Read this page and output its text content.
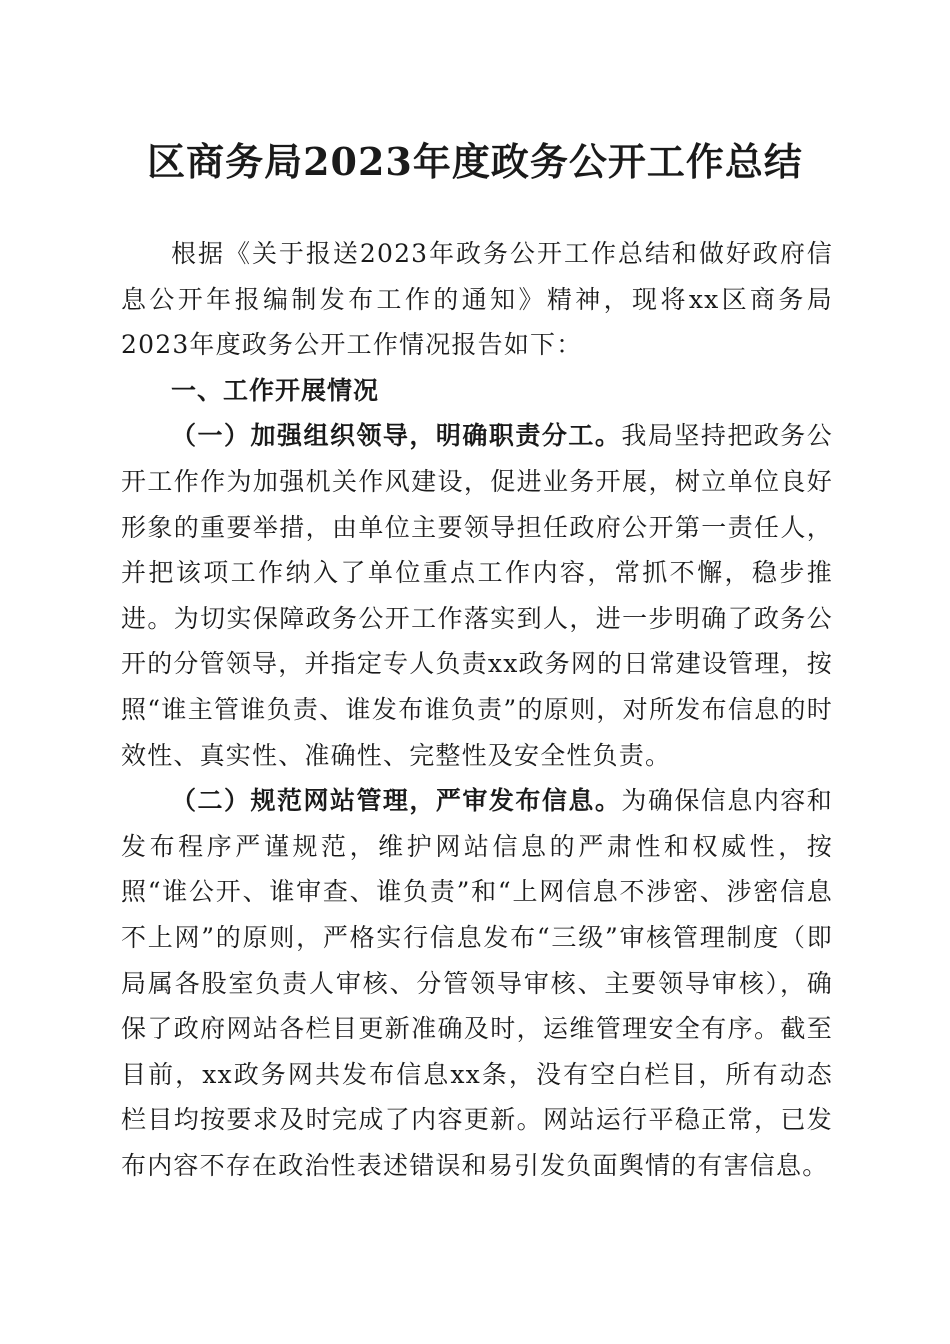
区商务局2023年度政务公开工作总结

根据《关于报送2023年政务公开工作总结和做好政府信息公开年报编制发布工作的通知》精神，现将xx区商务局2023年度政务公开工作情况报告如下：

一、工作开展情况

（一）加强组织领导，明确职责分工。我局坚持把政务公开工作作为加强机关作风建设，促进业务开展，树立单位良好形象的重要举措，由单位主要领导担任政府公开第一责任人，并把该项工作纳入了单位重点工作内容，常抓不懈，稳步推进。为切实保障政务公开工作落实到人，进一步明确了政务公开的分管领导，并指定专人负责xx政务网的日常建设管理，按照“谁主管谁负责、谁发布谁负责”的原则，对所发布信息的时效性、真实性、准确性、完整性及安全性负责。

（二）规范网站管理，严审发布信息。为确保信息内容和发布程序严谨规范，维护网站信息的严肃性和权威性，按照“谁公开、谁审查、谁负责”和“上网信息不涉密、涉密信息不上网”的原则，严格实行信息发布“三级”审核管理制度（即局属各股室负责人审核、分管领导审核、主要领导审核），确保了政府网站各栏目更新准确及时，运维管理安全有序。截至目前，xx政务网共发布信息xx条，没有空白栏目，所有动态栏目均按要求及时完成了内容更新。网站运行平稳正常，已发布内容不存在政治性表述错误和易引发负面舆情的有害信息。
